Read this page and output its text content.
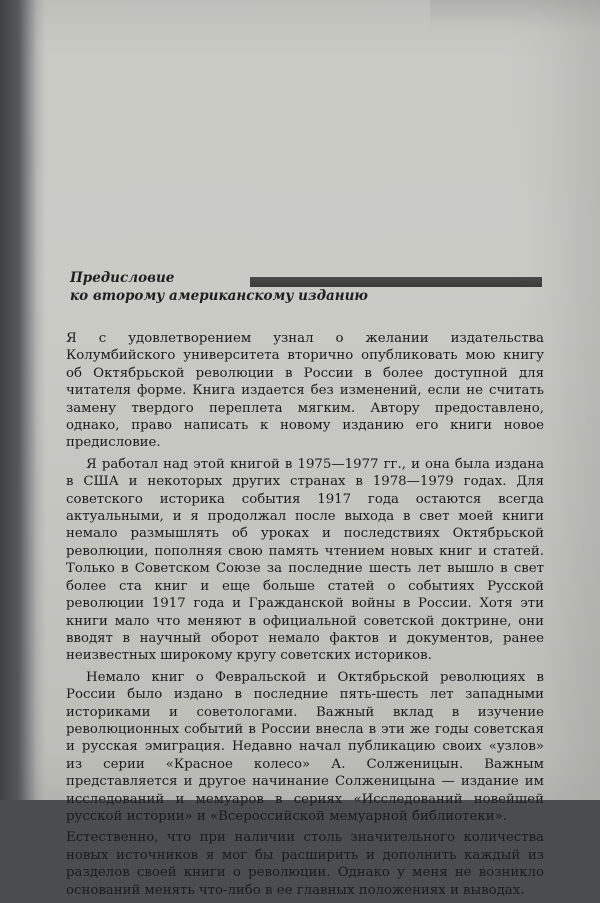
Предисловие

ко второму американскому изданию

Я с удовлетворением узнал о желании издательства Колумбийского университета вторично опубликовать мою книгу об Октябрьской революции в России в более доступной для читателя форме. Книга издается без изменений, если не считать замену твердого переплета мягким. Автору предоставлено, однако, право написать к новому изданию его книги новое предисловие.

Я работал над этой книгой в 1975—1977 гг., и она была издана в США и некоторых других странах в 1978—1979 годах. Для советского историка события 1917 года остаются всегда актуальными, и я продолжал после выхода в свет моей книги немало размышлять об уроках и последствиях Октябрьской революции, пополняя свою память чтением новых книг и статей. Только в Советском Союзе за последние шесть лет вышло в свет более ста книг и еще больше статей о событиях Русской революции 1917 года и Гражданской войны в России. Хотя эти книги мало что меняют в официальной советской доктрине, они вводят в научный оборот немало фактов и документов, ранее неизвестных широкому кругу советских историков.

Немало книг о Февральской и Октябрьской революциях в России было издано в последние пять-шесть лет западными историками и советологами. Важный вклад в изучение революционных событий в России внесла в эти же годы советская и русская эмиграция. Недавно начал публикацию своих «узлов» из серии «Красное колесо» А. Солженицын. Важным представляется и другое начинание Солженицына — издание им исследований и мемуаров в сериях «Исследований новейшей русской истории» и «Всероссийской мемуарной библиотеки».

Естественно, что при наличии столь значительного количества новых источников я мог бы расширить и дополнить каждый из разделов своей книги о революции. Однако у меня не возникло оснований менять что-либо в ее главных положениях и выводах.
